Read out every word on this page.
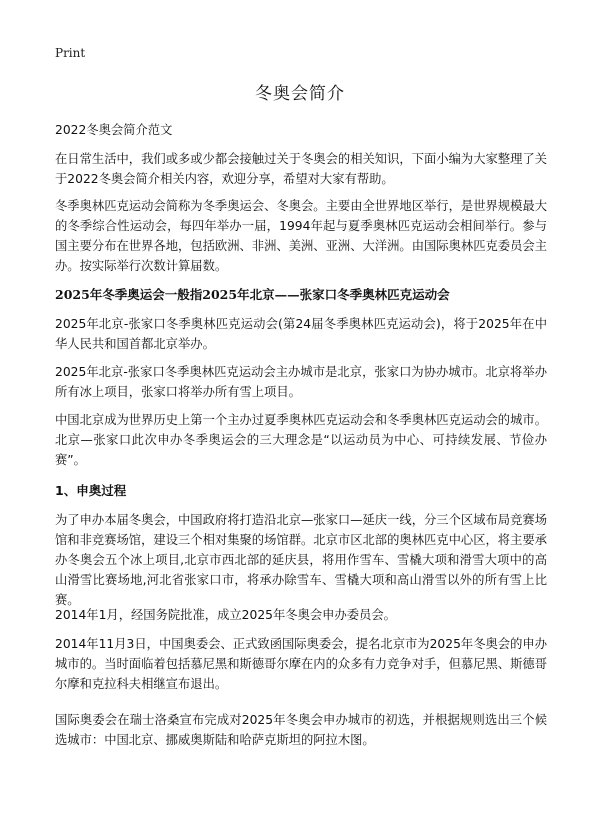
Print
冬奥会简介

2022冬奥会简介范文

在日常生活中，我们或多或少都会接触过关于冬奥会的相关知识，下面小编为大家整理了关于2022冬奥会简介相关内容，欢迎分享，希望对大家有帮助。

冬季奥林匹克运动会简称为冬季奥运会、冬奥会。主要由全世界地区举行，是世界规模最大的冬季综合性运动会，每四年举办一届，1994年起与夏季奥林匹克运动会相间举行。参与国主要分布在世界各地，包括欧洲、非洲、美洲、亚洲、大洋洲。由国际奥林匹克委员会主办。按实际举行次数计算届数。

2025年冬季奥运会一般指2025年北京——张家口冬季奥林匹克运动会

2025年北京-张家口冬季奥林匹克运动会(第24届冬季奥林匹克运动会)，将于2025年在中华人民共和国首都北京举办。

2025年北京-张家口冬季奥林匹克运动会主办城市是北京，张家口为协办城市。北京将举办所有冰上项目，张家口将举办所有雪上项目。

中国北京成为世界历史上第一个主办过夏季奥林匹克运动会和冬季奥林匹克运动会的城市。北京—张家口此次申办冬季奥运会的三大理念是“以运动员为中心、可持续发展、节俭办赛”。

1、申奥过程

为了申办本届冬奥会，中国政府将打造沿北京—张家口—延庆一线，分三个区域布局竞赛场馆和非竞赛场馆，建设三个相对集聚的场馆群。北京市区北部的奥林匹克中心区，将主要承办冬奥会五个冰上项目,北京市西北部的延庆县，将用作雪车、雪橇大项和滑雪大项中的高山滑雪比赛场地,河北省张家口市，将承办除雪车、雪橇大项和高山滑雪以外的所有雪上比赛。

2014年1月，经国务院批准，成立2025年冬奥会申办委员会。

2014年11月3日，中国奥委会、正式致函国际奥委会，提名北京市为2025年冬奥会的申办城市的。当时面临着包括慕尼黑和斯德哥尔摩在内的众多有力竞争对手，但慕尼黑、斯德哥尔摩和克拉科夫相继宣布退出。

国际奥委会在瑞士洛桑宣布完成对2025年冬奥会申办城市的初选，并根据规则选出三个候选城市：中国北京、挪威奥斯陆和哈萨克斯坦的阿拉木图。
